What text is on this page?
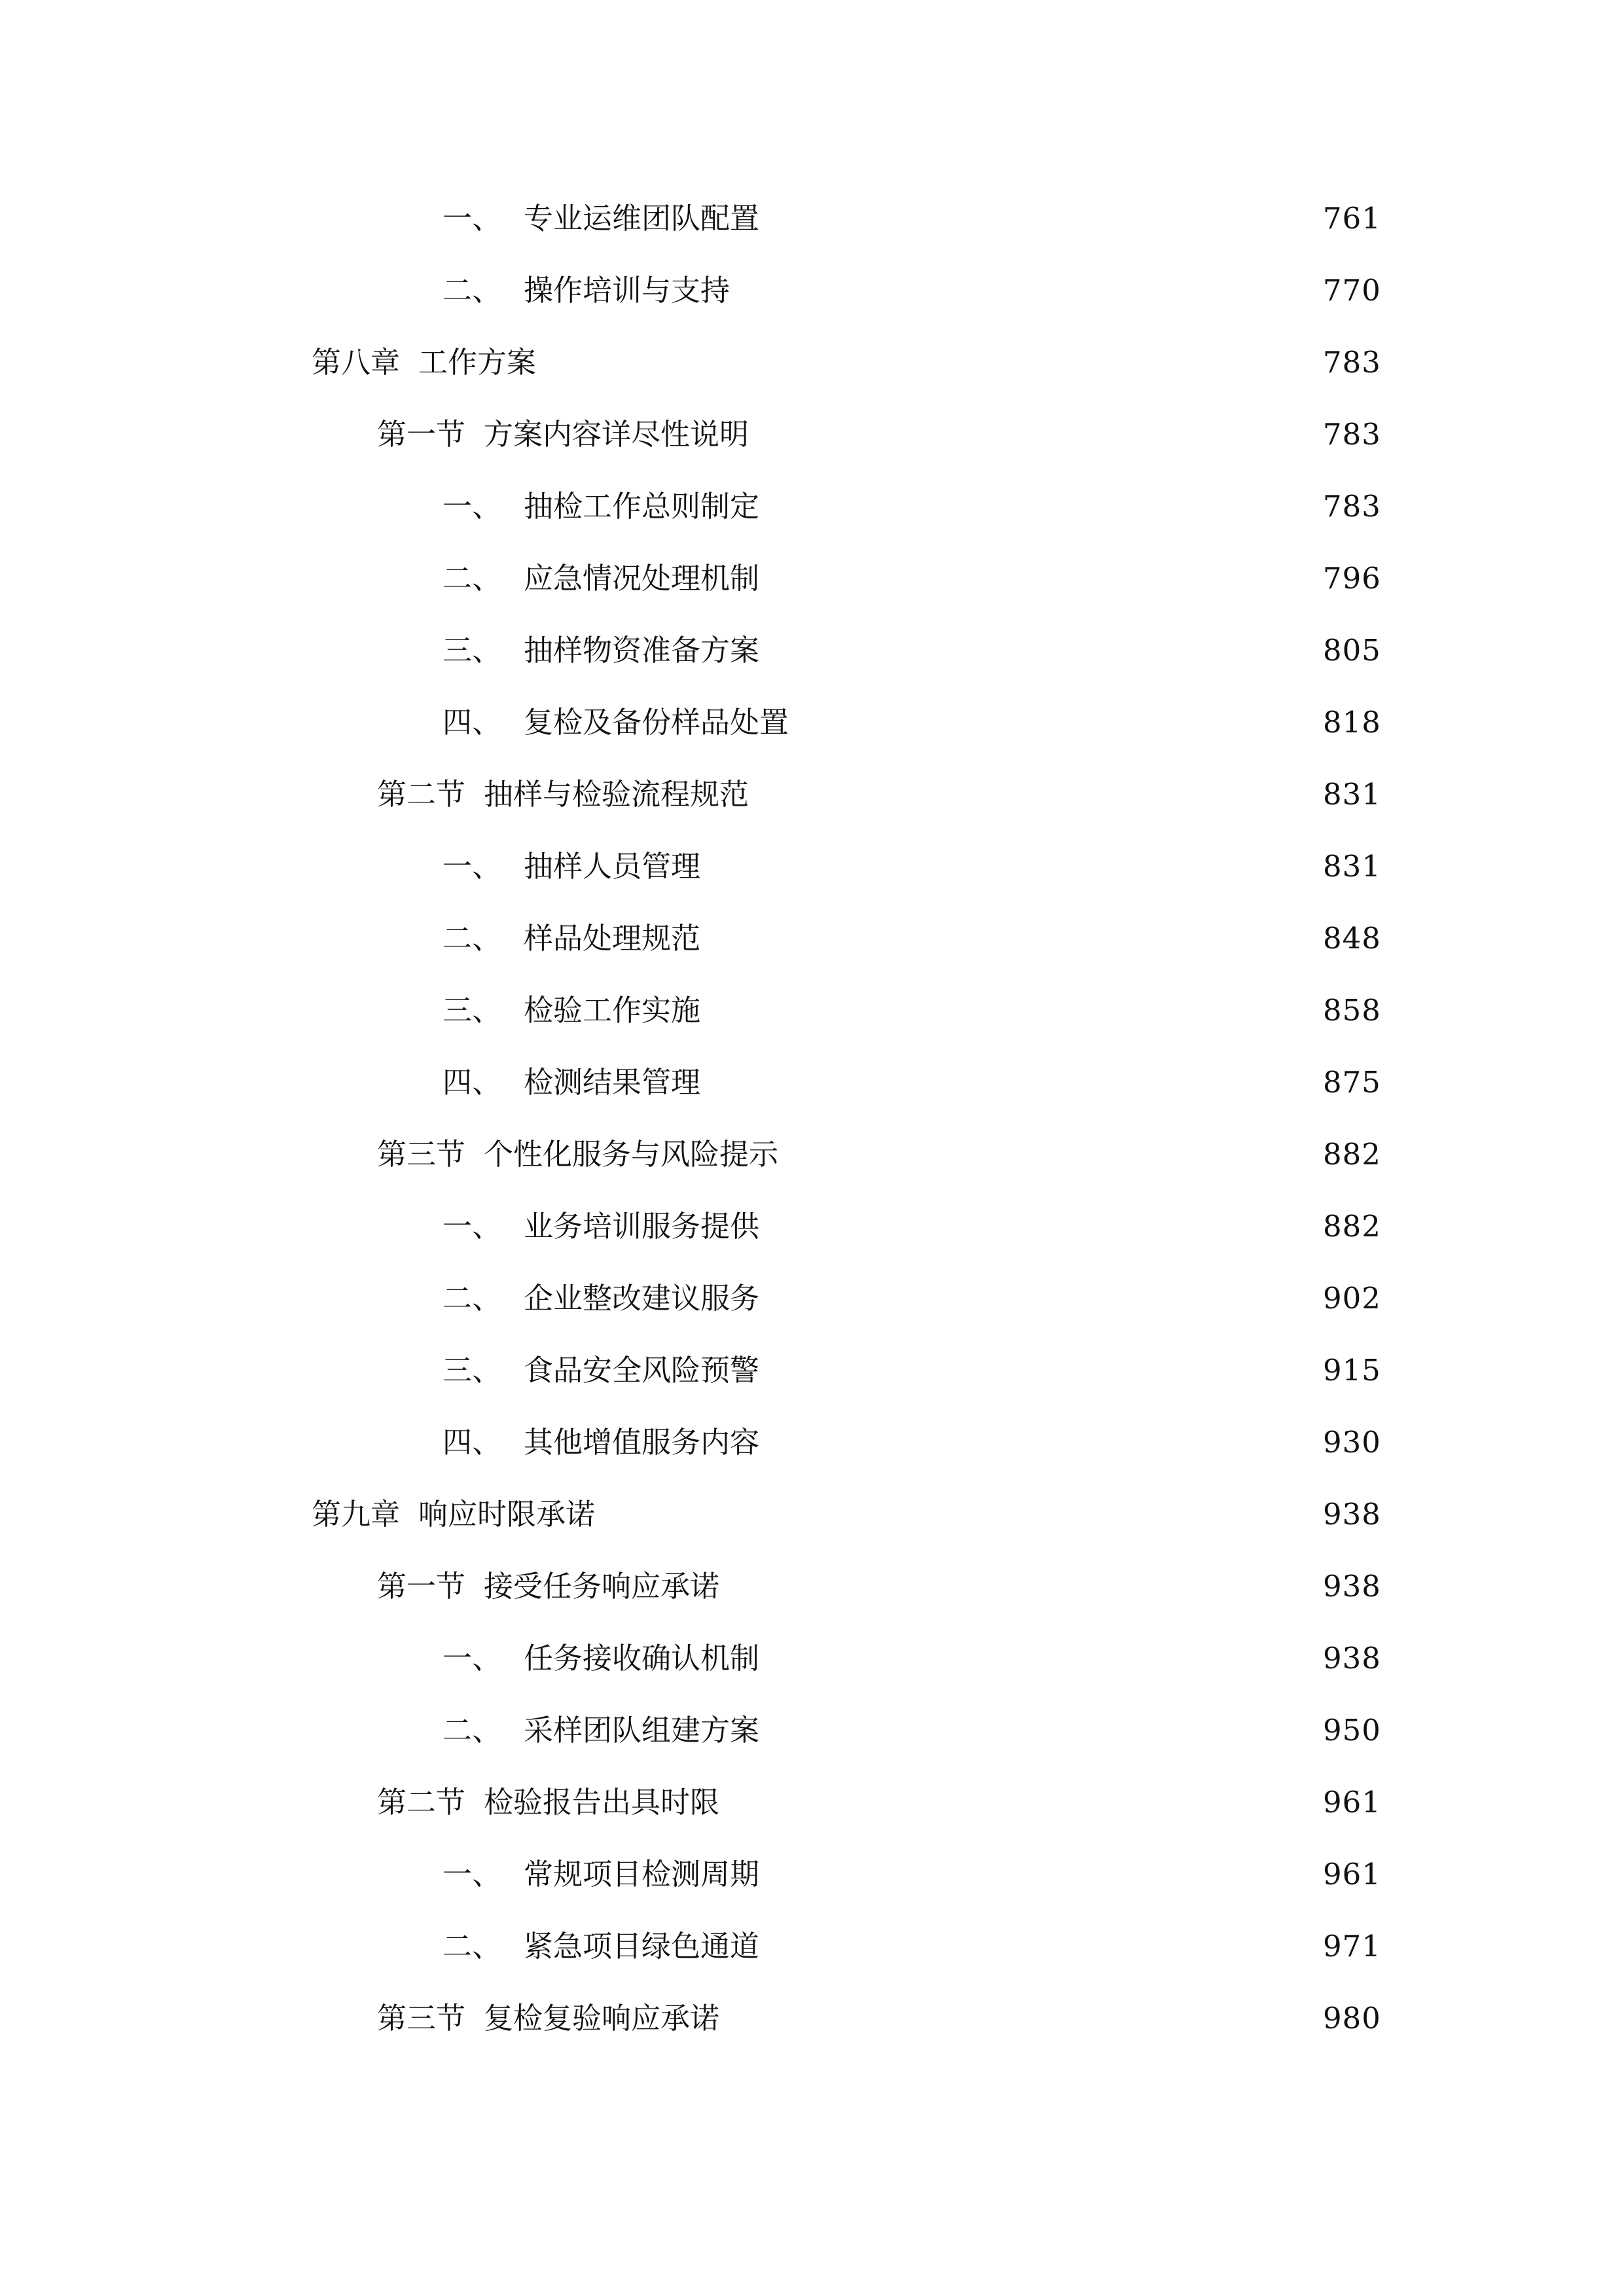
一、 专业运维团队配置	761
二、 操作培训与支持	770
第八章 工作方案	783
第一节 方案内容详尽性说明	783
一、 抽检工作总则制定	783
二、 应急情况处理机制	796
三、 抽样物资准备方案	805
四、 复检及备份样品处置	818
第二节 抽样与检验流程规范	831
一、 抽样人员管理	831
二、 样品处理规范	848
三、 检验工作实施	858
四、 检测结果管理	875
第三节 个性化服务与风险提示	882
一、 业务培训服务提供	882
二、 企业整改建议服务	902
三、 食品安全风险预警	915
四、 其他增值服务内容	930
第九章 响应时限承诺	938
第一节 接受任务响应承诺	938
一、 任务接收确认机制	938
二、 采样团队组建方案	950
第二节 检验报告出具时限	961
一、 常规项目检测周期	961
二、 紧急项目绿色通道	971
第三节 复检复验响应承诺	980
